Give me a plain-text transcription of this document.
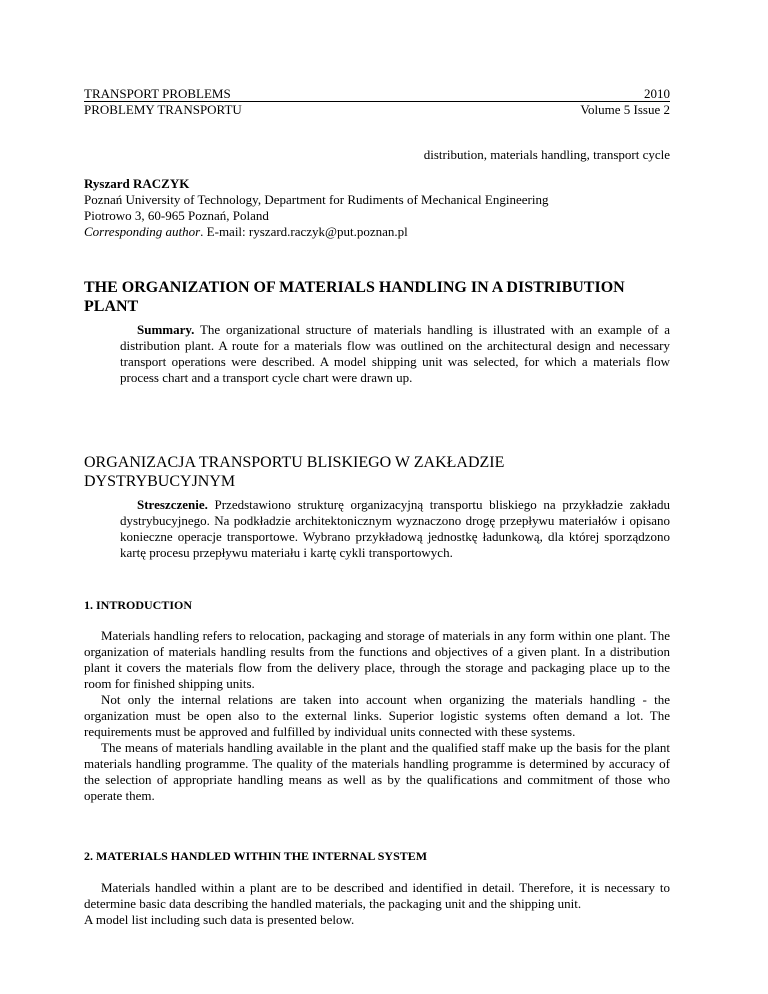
TRANSPORT PROBLEMS	2010
PROBLEMY TRANSPORTU	Volume 5 Issue 2
distribution, materials handling, transport cycle
Ryszard RACZYK
Poznań University of Technology, Department for Rudiments of Mechanical Engineering
Piotrowo 3, 60-965 Poznań, Poland
Corresponding author. E-mail: ryszard.raczyk@put.poznan.pl
THE ORGANIZATION OF MATERIALS HANDLING IN A DISTRIBUTION PLANT

Summary. The organizational structure of materials handling is illustrated with an example of a distribution plant. A route for a materials flow was outlined on the architectural design and necessary transport operations were described. A model shipping unit was selected, for which a materials flow process chart and a transport cycle chart were drawn up.

ORGANIZACJA TRANSPORTU BLISKIEGO W ZAKŁADZIE DYSTRYBUCYJNYM

Streszczenie. Przedstawiono strukturę organizacyjną transportu bliskiego na przykładzie zakładu dystrybucyjnego. Na podkładzie architektonicznym wyznaczono drogę przepływu materiałów i opisano konieczne operacje transportowe. Wybrano przykładową jednostkę ładunkową, dla której sporządzono kartę procesu przepływu materiału i kartę cykli transportowych.

1. INTRODUCTION

Materials handling refers to relocation, packaging and storage of materials in any form within one plant. The organization of materials handling results from the functions and objectives of a given plant. In a distribution plant it covers the materials flow from the delivery place, through the storage and packaging place up to the room for finished shipping units.

Not only the internal relations are taken into account when organizing the materials handling - the organization must be open also to the external links. Superior logistic systems often demand a lot. The requirements must be approved and fulfilled by individual units connected with these systems.

The means of materials handling available in the plant and the qualified staff make up the basis for the plant materials handling programme. The quality of the materials handling programme is determined by accuracy of the selection of appropriate handling means as well as by the qualifications and commitment of those who operate them.

2. MATERIALS HANDLED WITHIN THE INTERNAL SYSTEM

Materials handled within a plant are to be described and identified in detail. Therefore, it is necessary to determine basic data describing the handled materials, the packaging unit and the shipping unit.

A model list including such data is presented below.
